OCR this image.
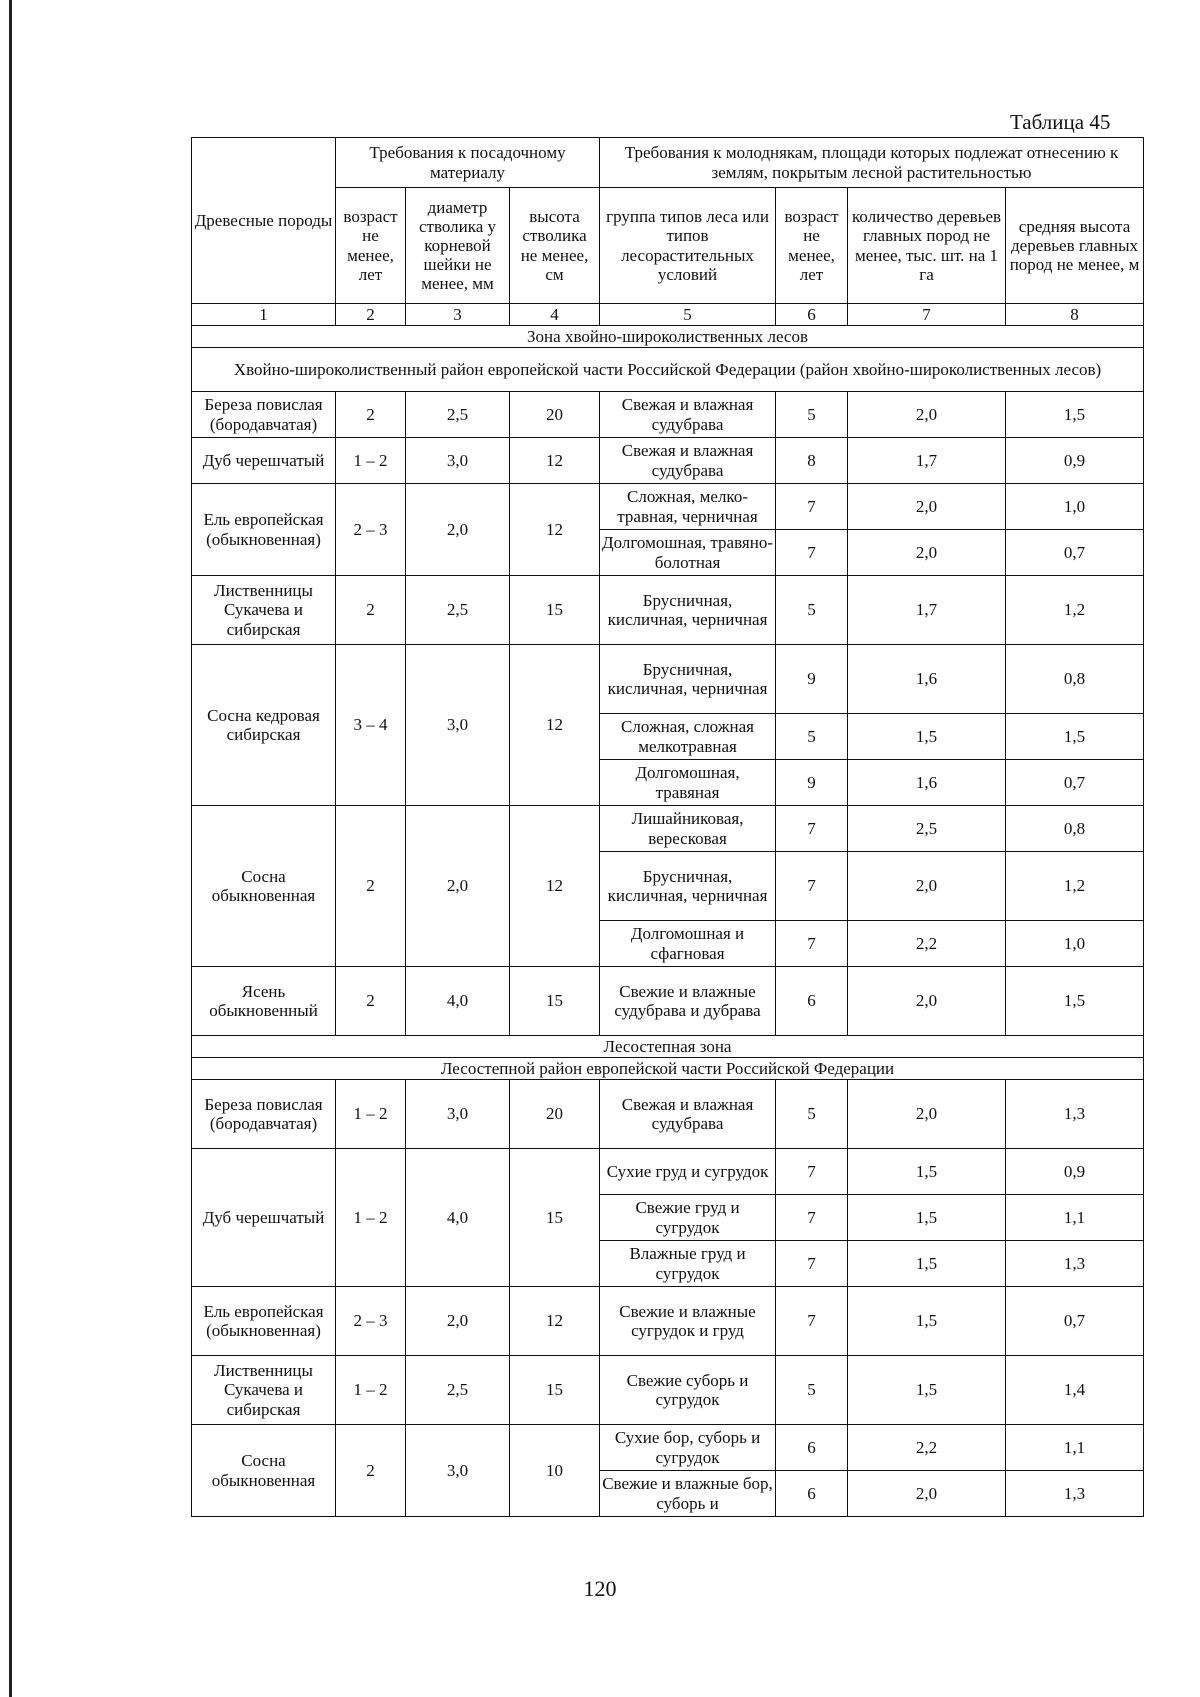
Таблица 45
Древесные породы	Требования к посадочному материалу			Требования к молоднякам, площади которых подлежат отнесению к землям, покрытым лесной растительностью			
	возраст не менее, лет	диаметр стволика у корневой шейки не менее, мм	высота стволика не менее, см	группа типов леса или типов лесорастительных условий	возраст не менее, лет	количество деревьев главных пород не менее, тыс. шт. на 1 га	средняя высота деревьев главных пород не менее, м
1	2	3	4	5	6	7	8
Зона хвойно-широколиственных лесов							
Хвойно-широколиственный район европейской части Российской Федерации (район хвойно-широколиственных лесов)							
Береза повислая (бородавчатая)	2	2,5	20	Свежая и влажная судубрава	5	2,0	1,5
Дуб черешчатый	1 – 2	3,0	12	Свежая и влажная судубрава	8	1,7	0,9
Ель европейская (обыкновенная)	2 – 3	2,0	12	Сложная, мелко-травная, черничная	7	2,0	1,0
				Долгомошная, травяно-болотная	7	2,0	0,7
Лиственницы Сукачева и сибирская	2	2,5	15	Брусничная, кисличная, черничная	5	1,7	1,2
Сосна кедровая сибирская	3 – 4	3,0	12	Брусничная, кисличная, черничная	9	1,6	0,8
				Сложная, сложная мелкотравная	5	1,5	1,5
				Долгомошная, травяная	9	1,6	0,7
Сосна обыкновенная	2	2,0	12	Лишайниковая, вересковая	7	2,5	0,8
				Брусничная, кисличная, черничная	7	2,0	1,2
				Долгомошная и сфагновая	7	2,2	1,0
Ясень обыкновенный	2	4,0	15	Свежие и влажные судубрава и дубрава	6	2,0	1,5
Лесостепная зона							
Лесостепной район европейской части Российской Федерации							
Береза повислая (бородавчатая)	1 – 2	3,0	20	Свежая и влажная судубрава	5	2,0	1,3
Дуб черешчатый	1 – 2	4,0	15	Сухие груд и сугрудок	7	1,5	0,9
				Свежие груд и сугрудок	7	1,5	1,1
				Влажные груд и сугрудок	7	1,5	1,3
Ель европейская (обыкновенная)	2 – 3	2,0	12	Свежие и влажные сугрудок и груд	7	1,5	0,7
Лиственницы Сукачева и сибирская	1 – 2	2,5	15	Свежие суборь и сугрудок	5	1,5	1,4
Сосна обыкновенная	2	3,0	10	Сухие бор, суборь и сугрудок	6	2,2	1,1
				Свежие и влажные бор, суборь и	6	2,0	1,3
120
